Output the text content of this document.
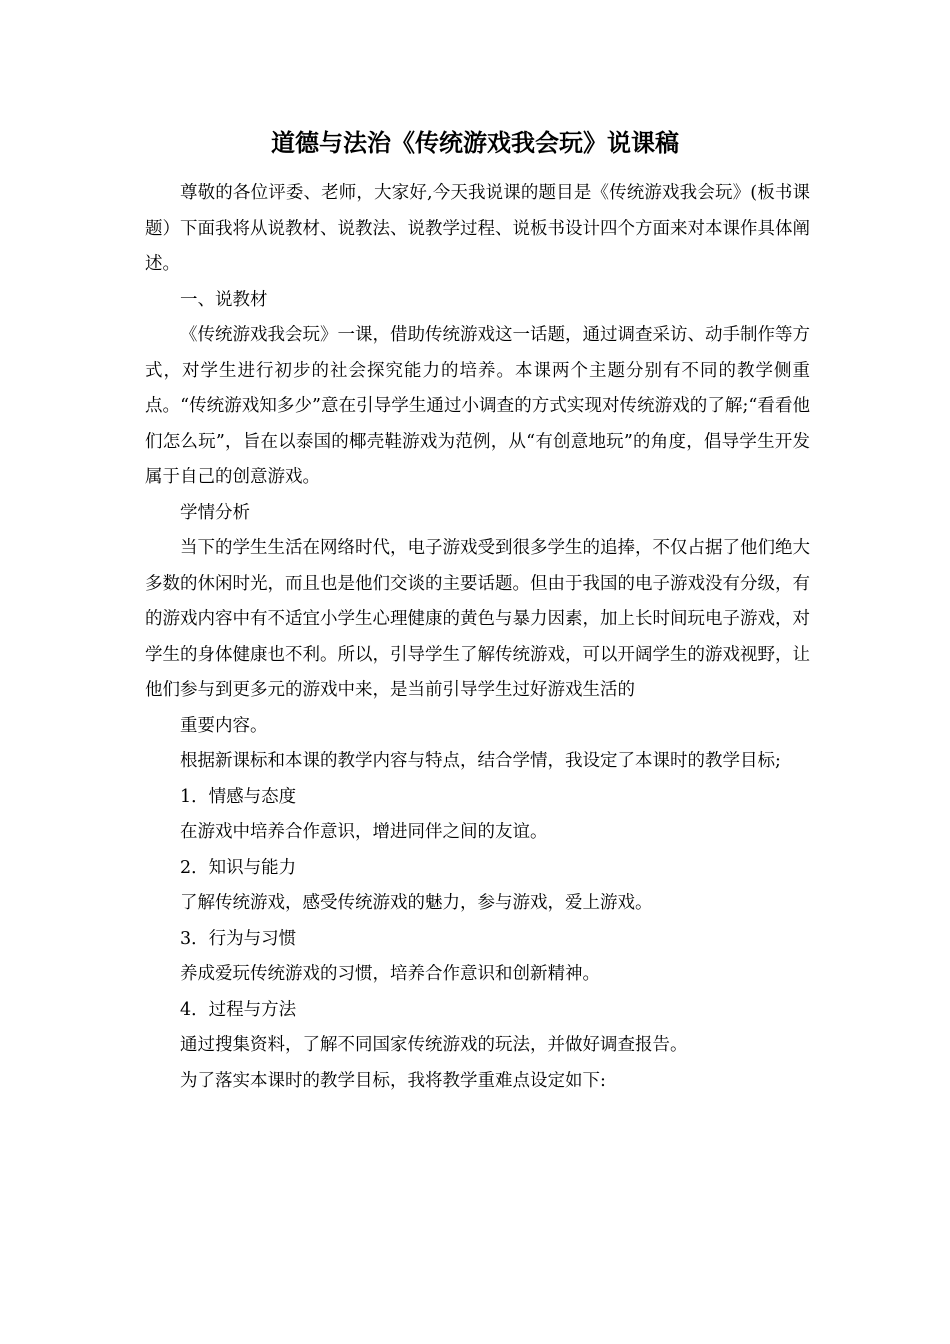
道德与法治《传统游戏我会玩》说课稿

尊敬的各位评委、老师，大家好,今天我说课的题目是《传统游戏我会玩》(板书课题）下面我将从说教材、说教法、说教学过程、说板书设计四个方面来对本课作具体阐述。

一、说教材

《传统游戏我会玩》一课，借助传统游戏这一话题，通过调查采访、动手制作等方式，对学生进行初步的社会探究能力的培养。本课两个主题分别有不同的教学侧重点。“传统游戏知多少”意在引导学生通过小调查的方式实现对传统游戏的了解;“看看他们怎么玩”，旨在以泰国的椰壳鞋游戏为范例，从“有创意地玩”的角度，倡导学生开发属于自己的创意游戏。

学情分析

当下的学生生活在网络时代，电子游戏受到很多学生的追捧，不仅占据了他们绝大多数的休闲时光，而且也是他们交谈的主要话题。但由于我国的电子游戏没有分级，有的游戏内容中有不适宜小学生心理健康的黄色与暴力因素，加上长时间玩电子游戏，对学生的身体健康也不利。所以，引导学生了解传统游戏，可以开阔学生的游戏视野，让他们参与到更多元的游戏中来，是当前引导学生过好游戏生活的

重要内容。

根据新课标和本课的教学内容与特点，结合学情，我设定了本课时的教学目标;

1．情感与态度

在游戏中培养合作意识，增进同伴之间的友谊。

2．知识与能力

了解传统游戏，感受传统游戏的魅力，参与游戏，爱上游戏。

3．行为与习惯

养成爱玩传统游戏的习惯，培养合作意识和创新精神。

4．过程与方法

通过搜集资料，了解不同国家传统游戏的玩法，并做好调查报告。

为了落实本课时的教学目标，我将教学重难点设定如下:
